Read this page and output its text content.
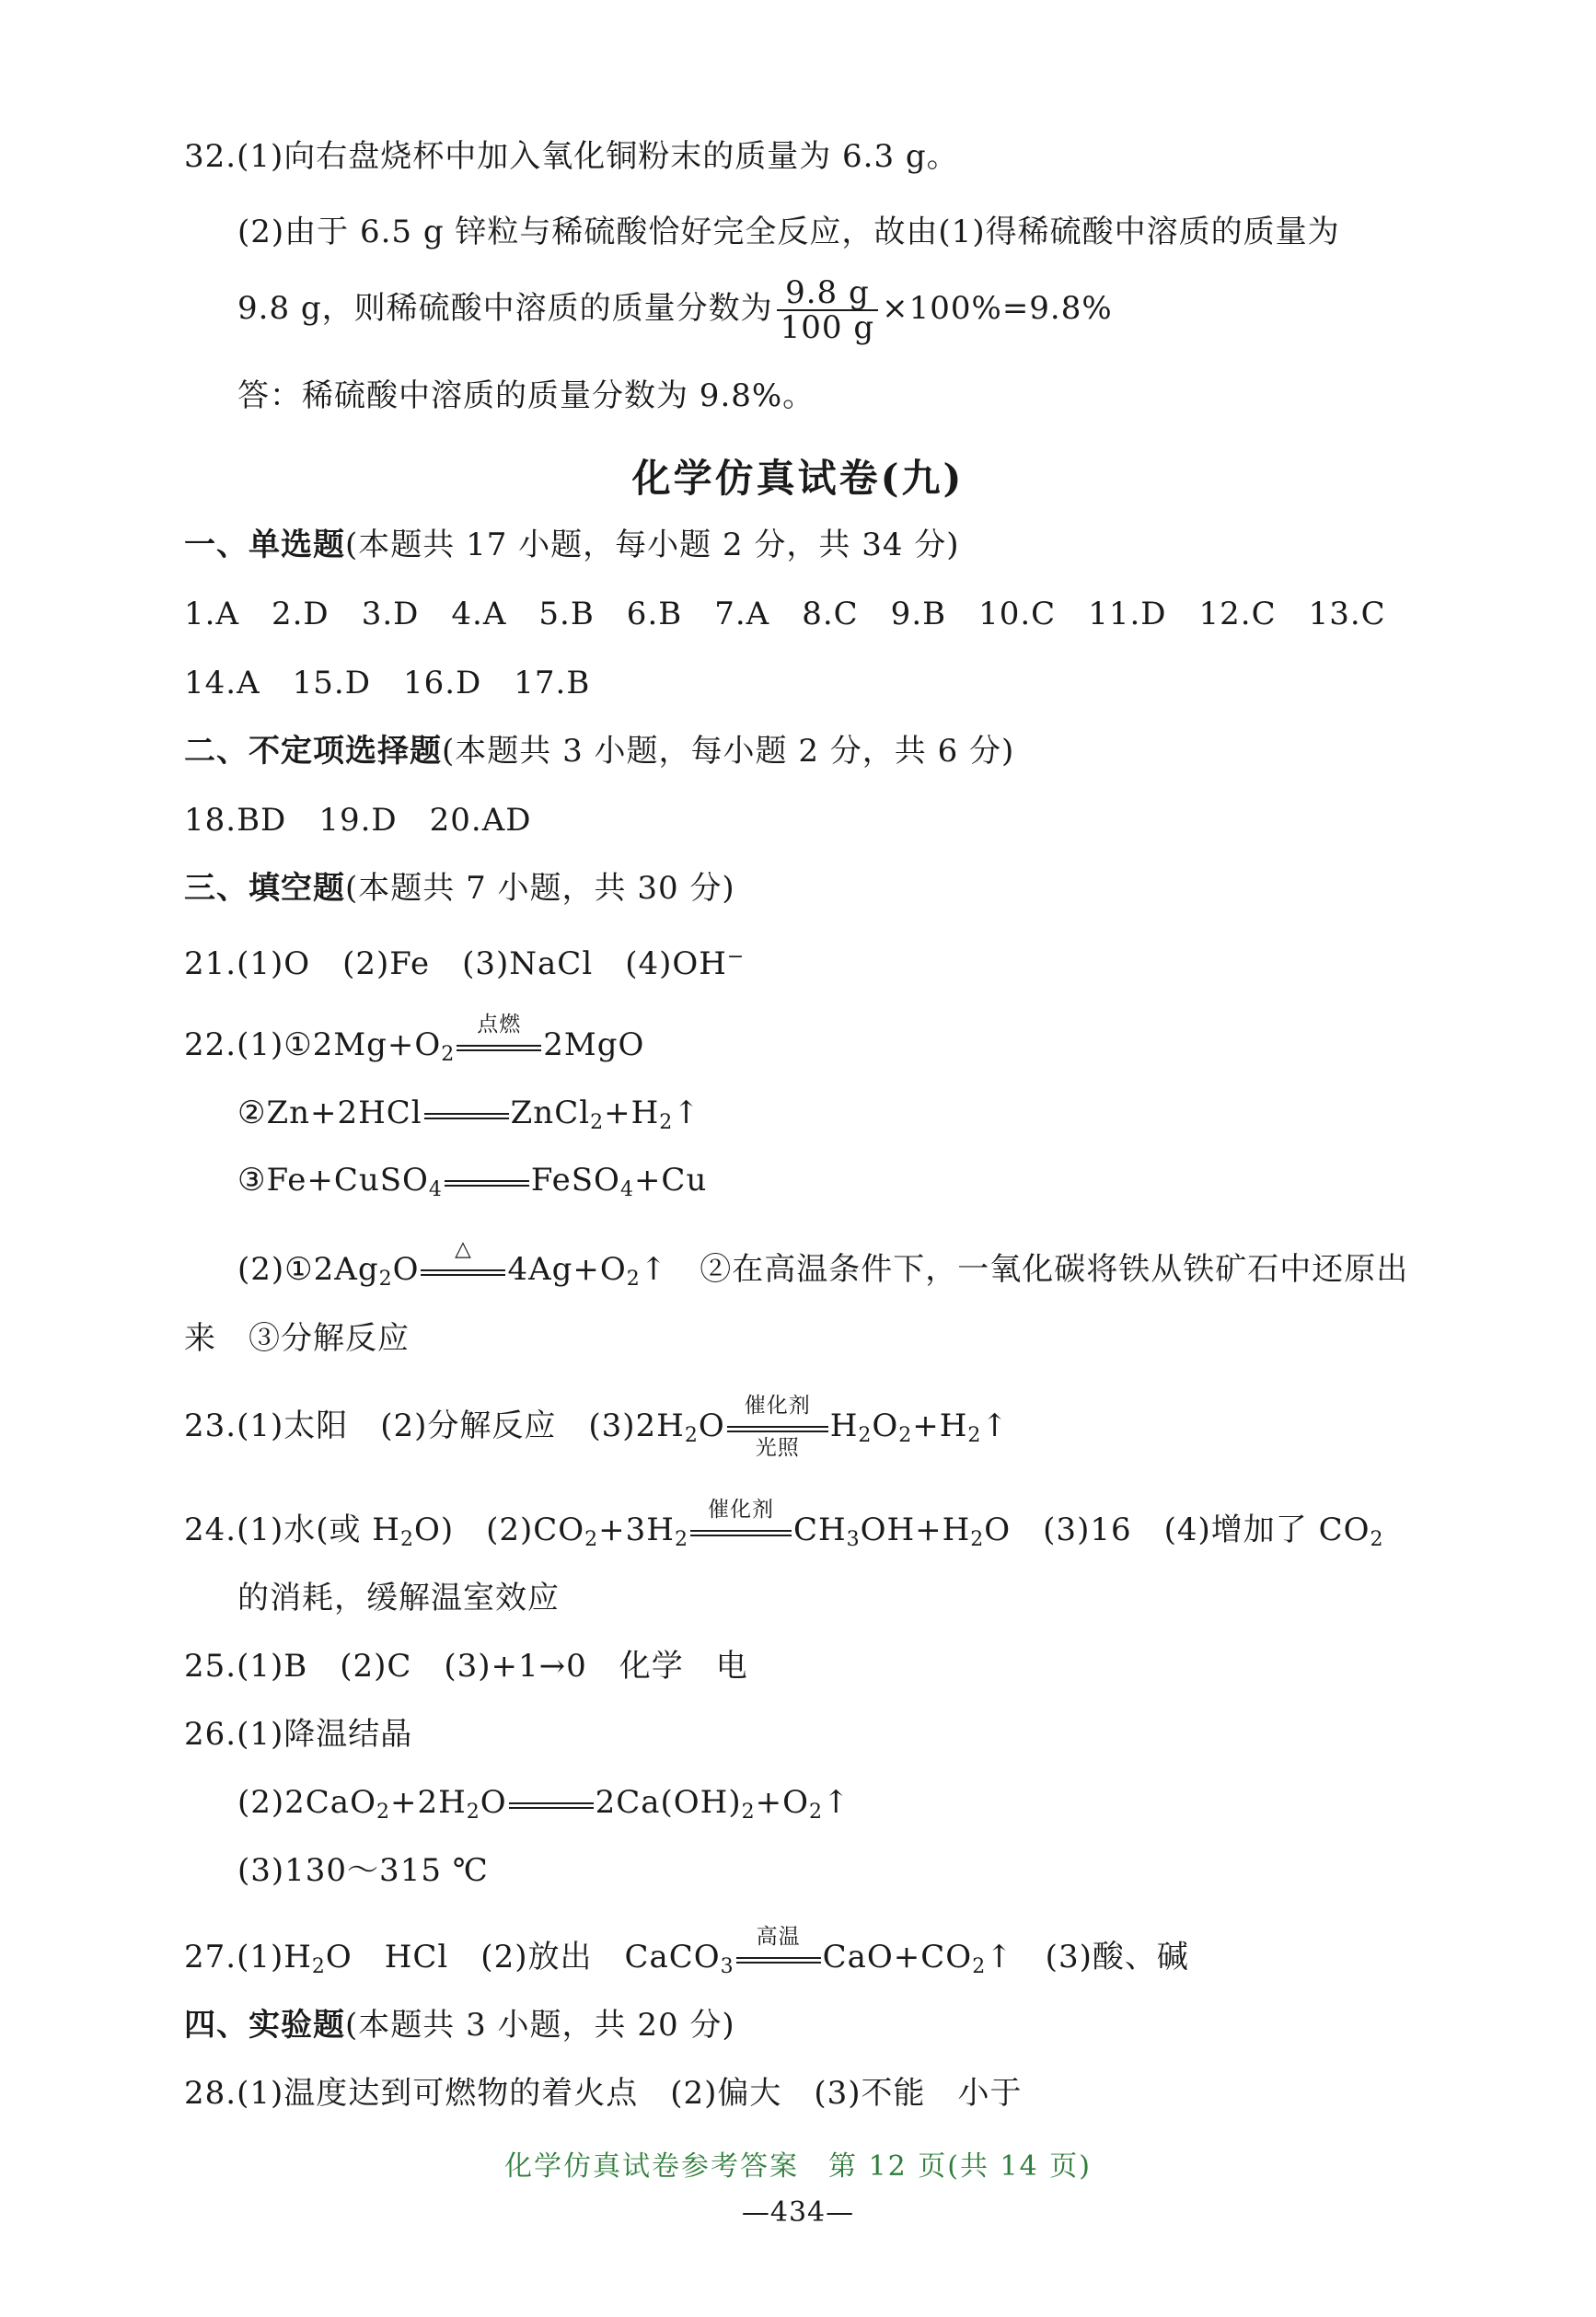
32.(1)向右盘烧杯中加入氧化铜粉末的质量为 6.3 g。
(2)由于 6.5 g 锌粒与稀硫酸恰好完全反应，故由(1)得稀硫酸中溶质的质量为
9.8 g，则稀硫酸中溶质的质量分数为 $\frac{9.8 g}{100 g} \times 100\%=9.8\%$
答：稀硫酸中溶质的质量分数为 9.8%。
化学仿真试卷(九)
一、单选题(本题共 17 小题，每小题 2 分，共 34 分)
1.A　2.D　3.D　4.A　5.B　6.B　7.A　8.C　9.B　10.C　11.D　12.C　13.C
14.A　15.D　16.D　17.B
二、不定项选择题(本题共 3 小题，每小题 2 分，共 6 分)
18.BD　19.D　20.AD
三、填空题(本题共 7 小题，共 30 分)
21.(1)O　(2)Fe　(3)NaCl　(4)OH−
$22.(1)①2Mg+O_2$
点燃
2MgO
②Zn+2HCl	$ZnCl_2+H_2↑$
③Fe+CuSO$_4$	FeSO$_4$+Cu
$(2)①2Ag_2O$
△
$4Ag+O_2↑$　②在高温条件下，一氧化碳将铁从铁矿石中还原出
来　③分解反应
23.(1)太阳　(2)分解反应　$(3)2H_2O$
催化剂
光照
$H_2O_2+H_2↑$
24.(1)水(或 $H_2O$)　$(2)CO_2+3H_2$
催化剂
$CH_3OH+H_2O$　(3)16　(4)增加了 $CO_2$
的消耗，缓解温室效应
25.(1)B　(2)C　(3)+1→0　化学　电
26.(1)降温结晶
$(2)2CaO_2+2H_2O$	$2Ca(OH)_2+O_2↑$
(3)130～315 ℃
$27.(1)H_2O$　HCl　(2)放出　CaCO$_3$
高温
$CaO+CO_2↑$　(3)酸、碱
四、实验题(本题共 3 小题，共 20 分)
28.(1)温度达到可燃物的着火点　(2)偏大　(3)不能　小于
化学仿真试卷参考答案　第 12 页(共 14 页)
—434—
